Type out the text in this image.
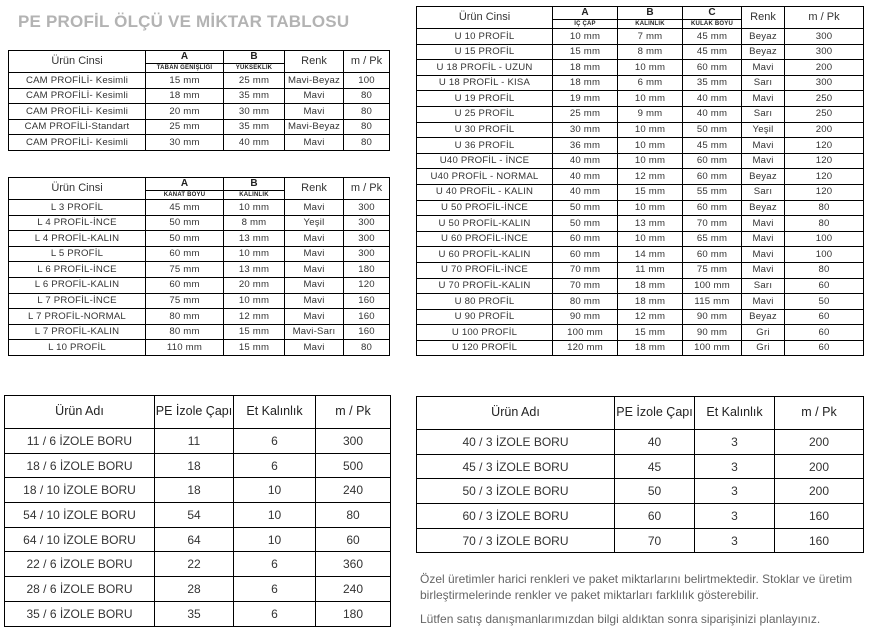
PE PROFİL ÖLÇÜ VE MİKTAR TABLOSU
Ürün Cinsi	A	B	Renk	m / Pk
	TABAN GENİŞLİĞİ	YÜKSEKLİK		
CAM PROFİLİ- Kesimli	15 mm	25 mm	Mavi-Beyaz	100
CAM PROFİLİ- Kesimli	18 mm	35 mm	Mavi	80
CAM PROFİLİ- Kesimli	20 mm	30 mm	Mavi	80
CAM PROFİLİ-Standart	25 mm	35 mm	Mavi-Beyaz	80
CAM PROFİLİ- Kesimli	30 mm	40 mm	Mavi	80
Ürün Cinsi	A	B	Renk	m / Pk
	KANAT BOYU	KALINLIK		
L 3 PROFİL	45 mm	10 mm	Mavi	300
L 4 PROFİL-İNCE	50 mm	8 mm	Yeşil	300
L 4 PROFİL-KALIN	50 mm	13 mm	Mavi	300
L 5 PROFİL	60 mm	10 mm	Mavi	300
L 6 PROFİL-İNCE	75 mm	13 mm	Mavi	180
L 6 PROFİL-KALIN	60 mm	20 mm	Mavi	120
L 7 PROFİL-İNCE	75 mm	10 mm	Mavi	160
L 7 PROFİL-NORMAL	80 mm	12 mm	Mavi	160
L 7 PROFİL-KALIN	80 mm	15 mm	Mavi-Sarı	160
L 10 PROFİL	110 mm	15 mm	Mavi	80
Ürün Cinsi	A	B	C	Renk	m / Pk
	İÇ ÇAP	KALINLIK	KULAK BOYU		
U 10 PROFİL	10 mm	7 mm	45 mm	Beyaz	300
U 15 PROFİL	15 mm	8 mm	45 mm	Beyaz	300
U 18 PROFİL - UZUN	18 mm	10 mm	60 mm	Mavi	200
U 18 PROFİL - KISA	18 mm	6 mm	35 mm	Sarı	300
U 19 PROFİL	19 mm	10 mm	40 mm	Mavi	250
U 25 PROFİL	25 mm	9 mm	40 mm	Sarı	250
U 30 PROFİL	30 mm	10 mm	50 mm	Yeşil	200
U 36 PROFİL	36 mm	10 mm	45 mm	Mavi	120
U40 PROFİL - İNCE	40 mm	10 mm	60 mm	Mavi	120
U40 PROFİL - NORMAL	40 mm	12 mm	60 mm	Beyaz	120
U 40 PROFİL - KALIN	40 mm	15 mm	55 mm	Sarı	120
U 50 PROFİL-İNCE	50 mm	10 mm	60 mm	Beyaz	80
U 50 PROFİL-KALIN	50 mm	13 mm	70 mm	Mavi	80
U 60 PROFİL-İNCE	60 mm	10 mm	65 mm	Mavi	100
U 60 PROFİL-KALIN	60 mm	14 mm	60 mm	Mavi	100
U 70 PROFİL-İNCE	70 mm	11 mm	75 mm	Mavi	80
U 70 PROFİL-KALIN	70 mm	18 mm	100 mm	Sarı	60
U 80 PROFİL	80 mm	18 mm	115 mm	Mavi	50
U 90 PROFİL	90 mm	12 mm	90 mm	Beyaz	60
U 100 PROFİL	100 mm	15 mm	90 mm	Gri	60
U 120 PROFİL	120 mm	18 mm	100 mm	Gri	60
Ürün Adı	PE İzole Çapı	Et Kalınlık	m / Pk
11 / 6 İZOLE BORU	11	6	300
18 / 6 İZOLE BORU	18	6	500
18 / 10 İZOLE BORU	18	10	240
54 / 10 İZOLE BORU	54	10	80
64 / 10 İZOLE BORU	64	10	60
22 / 6 İZOLE BORU	22	6	360
28 / 6 İZOLE BORU	28	6	240
35 / 6 İZOLE BORU	35	6	180
Ürün Adı	PE İzole Çapı	Et Kalınlık	m / Pk
40 / 3 İZOLE BORU	40	3	200
45 / 3 İZOLE BORU	45	3	200
50 / 3 İZOLE BORU	50	3	200
60 / 3 İZOLE BORU	60	3	160
70 / 3 İZOLE BORU	70	3	160
Özel üretimler harici renkleri ve paket miktarlarını belirtmektedir. Stoklar ve üretim birleştirmelerinde renkler ve paket miktarları farklılık gösterebilir.
Lütfen satış danışmanlarımızdan bilgi aldıktan sonra siparişinizi planlayınız.
